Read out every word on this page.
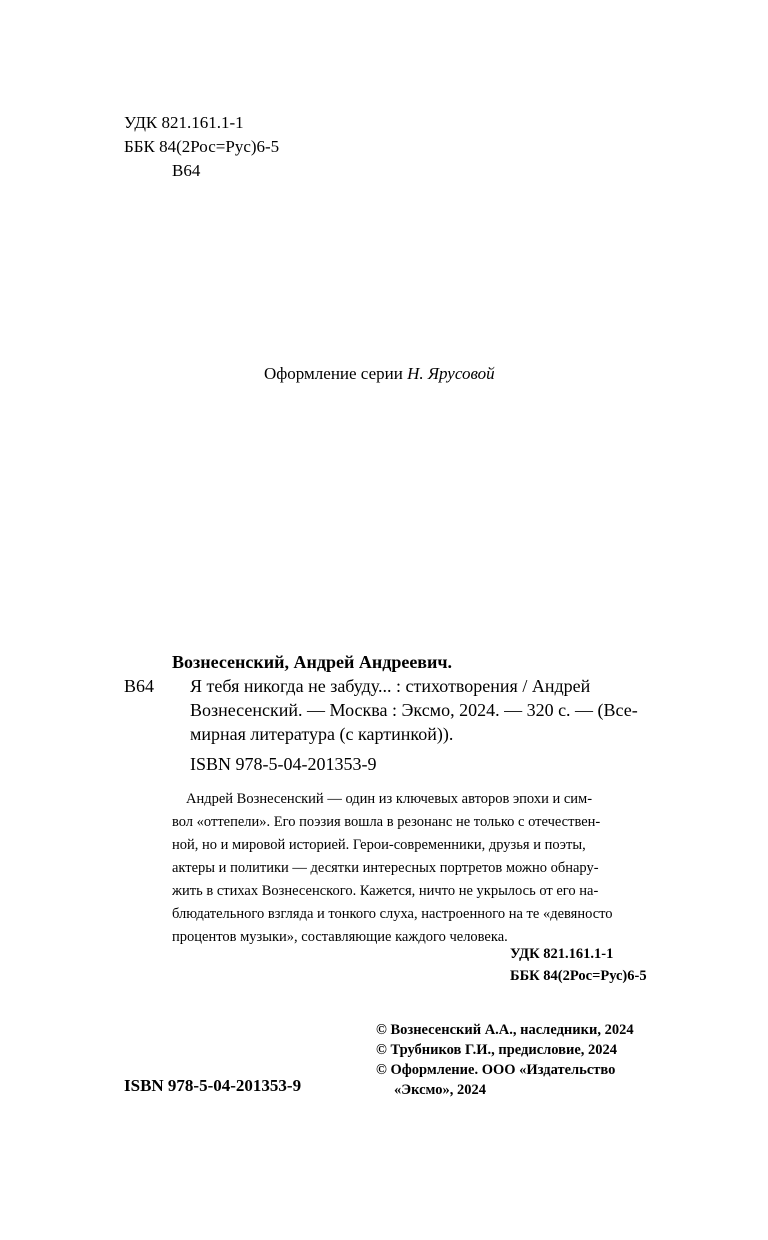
УДК 821.161.1-1
ББК 84(2Рос=Рус)6-5
В64
Оформление серии Н. Ярусовой
Вознесенский, Андрей Андреевич.
В64 Я тебя никогда не забуду... : стихотворения / Андрей
Вознесенский. — Москва : Эксмо, 2024. — 320 с. — (Все-
мирная литература (с картинкой)).
ISBN 978-5-04-201353-9
Андрей Вознесенский — один из ключевых авторов эпохи и сим-
вол «оттепели». Его поэзия вошла в резонанс не только с отечествен-
ной, но и мировой историей. Герои-современники, друзья и поэты,
актеры и политики — десятки интересных портретов можно обнару-
жить в стихах Вознесенского. Кажется, ничто не укрылось от его на-
блюдательного взгляда и тонкого слуха, настроенного на те «девяносто
процентов музыки», составляющие каждого человека.
УДК 821.161.1-1
ББК 84(2Рос=Рус)6-5
© Вознесенский А.А., наследники, 2024
© Трубников Г.И., предисловие, 2024
© Оформление. ООО «Издательство
«Эксмо», 2024
ISBN 978-5-04-201353-9
